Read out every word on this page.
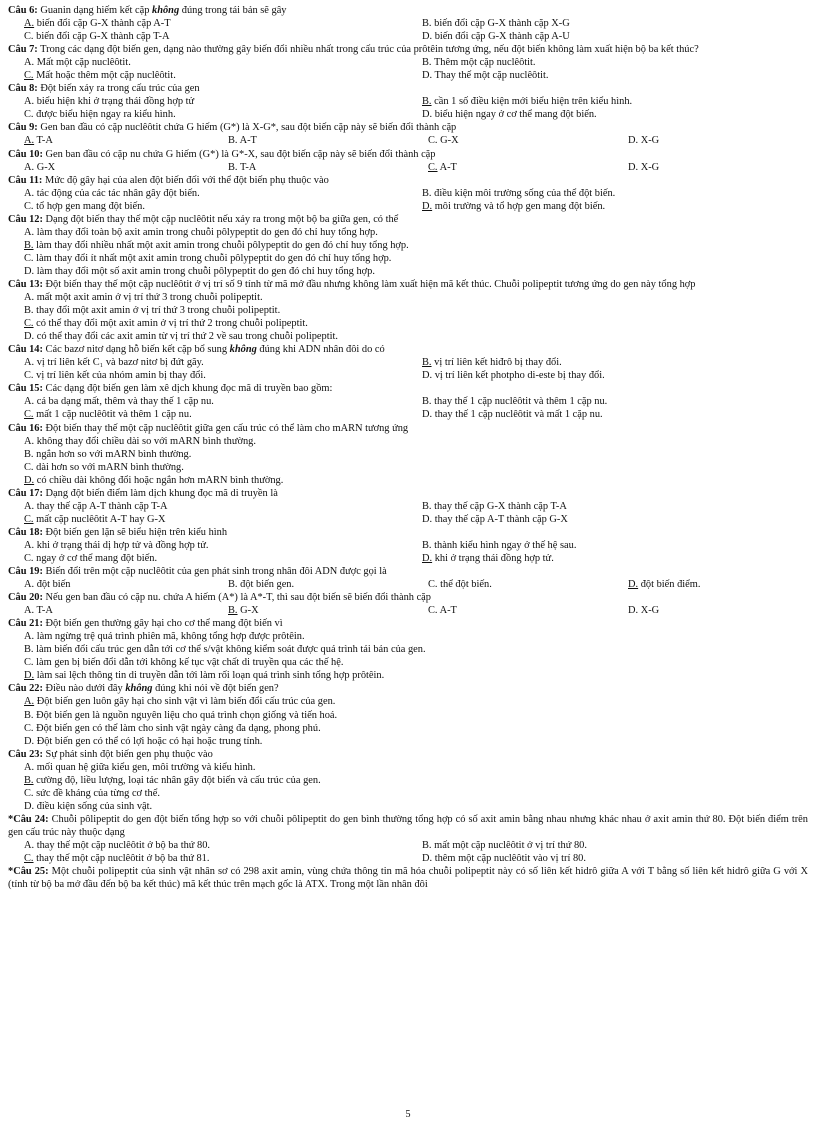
Câu 6: Guanin dạng hiếm kết cặp không đúng trong tái bản sẽ gây
A. biến đổi cặp G-X thành cặp A-T	B. biến đổi cặp G-X thành cặp X-G
C. biến đổi cặp G-X thành cặp T-A	D. biến đổi cặp G-X thành cặp A-U
Câu 7: Trong các dạng đột biến gen, dạng nào thường gây biến đổi nhiều nhất trong cấu trúc của prôtêin tương ứng, nếu đột biến không làm xuất hiện bộ ba kết thúc?
A. Mất một cặp nuclêôtit.	B. Thêm một cặp nuclêôtit.
C. Mất hoặc thêm một cặp nuclêôtit.	D. Thay thế một cặp nuclêôtit.
Câu 8: Đột biến xảy ra trong cấu trúc của gen
A. biểu hiện khi ở trạng thái đồng hợp tử	B. cần 1 số điều kiện mới biểu hiện trên kiểu hình.
C. được biểu hiện ngay ra kiểu hình.	D. biểu hiện ngay ở cơ thể mang đột biến.
Câu 9: Gen ban đầu có cặp nuclêôtit chứa G hiếm (G*) là X-G*, sau đột biến cặp này sẽ biến đổi thành cặp
A. T-A	B. A-T	C. G-X	D. X-G
Câu 10: Gen ban đầu có cặp nu chứa G hiếm (G*) là G*-X, sau đột biến cặp này sẽ biến đổi thành cặp
A. G-X	B. T-A	C. A-T	D. X-G
Câu 11: Mức độ gây hại của alen đột biến đối với thể đột biến phụ thuộc vào
A. tác động của các tác nhân gây đột biến.	B. điều kiện môi trường sống của thể đột biến.
C. tổ hợp gen mang đột biến.	D. môi trường và tổ hợp gen mang đột biến.
Câu 12: Dạng đột biến thay thế một cặp nuclêôtit nếu xảy ra trong một bộ ba giữa gen, có thể
A. làm thay đổi toàn bộ axit amin trong chuỗi pôlypeptit do gen đó chỉ huy tổng hợp.
B. làm thay đổi nhiều nhất một axit amin trong chuỗi pôlypeptit do gen đó chỉ huy tổng hợp.
C. làm thay đổi ít nhất một axit amin trong chuỗi pôlypeptit do gen đó chỉ huy tổng hợp.
D. làm thay đổi một số axit amin trong chuỗi pôlypeptit do gen đó chỉ huy tổng hợp.
Câu 13: Đột biến thay thế một cặp nuclêôtit ở vị trí số 9 tính từ mã mở đầu nhưng không làm xuất hiện mã kết thúc. Chuỗi polipeptit tương ứng do gen này tổng hợp
A. mất một axit amin ở vị trí thứ 3 trong chuỗi polipeptit.
B. thay đổi một axit amin ở vị trí thứ 3 trong chuỗi polipeptit.
C. có thể thay đổi một axit amin ở vị trí thứ 2 trong chuỗi polipeptit.
D. có thể thay đổi các axit amin từ vị trí thứ 2 về sau trong chuỗi polipeptit.
Câu 14: Các bazơ nitơ dạng hỗ biến kết cặp bổ sung không đúng khi ADN nhân đôi do có
A. vị trí liên kết C₁ và bazơ nitơ bị đứt gãy.	B. vị trí liên kết hiđrô bị thay đổi.
C. vị trí liên kết của nhóm amin bị thay đổi.	D. vị trí liên kết photpho di-este bị thay đổi.
Câu 15: Các dạng đột biến gen làm xê dịch khung đọc mã di truyền bao gồm:
A. cả ba dạng mất, thêm và thay thế 1 cặp nu.	B. thay thế 1 cặp nuclêôtit và thêm 1 cặp nu.
C. mất 1 cặp nuclêôtit và thêm 1 cặp nu.	D. thay thế 1 cặp nuclêôtit và mất 1 cặp nu.
Câu 16: Đột biến thay thế một cặp nuclêôtit giữa gen cấu trúc có thể làm cho mARN tương ứng
A. không thay đổi chiều dài so với mARN bình thường.
B. ngắn hơn so với mARN bình thường.
C. dài hơn so với mARN bình thường.
D. có chiều dài không đổi hoặc ngắn hơn mARN bình thường.
Câu 17: Dạng đột biến điểm làm dịch khung đọc mã di truyền là
A. thay thế cặp A-T thành cặp T-A	B. thay thế cặp G-X thành cặp T-A
C. mất cặp nuclêôtit A-T hay G-X	D. thay thế cặp A-T thành cặp G-X
Câu 18: Đột biến gen lặn sẽ biểu hiện trên kiểu hình
A. khi ở trạng thái dị hợp tử và đồng hợp tử.	B. thành kiểu hình ngay ở thế hệ sau.
C. ngay ở cơ thể mang đột biến.	D. khi ở trạng thái đồng hợp tử.
Câu 19: Biến đổi trên một cặp nuclêôtit của gen phát sinh trong nhân đôi ADN được gọi là
A. đột biến	B. đột biến gen.	C. thể đột biến.	D. đột biến điểm.
Câu 20: Nếu gen ban đầu có cặp nu. chứa A hiếm (A*) là A*-T, thì sau đột biến sẽ biến đổi thành cặp
A. T-A	B. G-X	C. A-T	D. X-G
Câu 21: Đột biến gen thường gây hại cho cơ thể mang đột biến vì
A. làm ngừng trệ quá trình phiên mã, không tổng hợp được prôtêin.
B. làm biến đổi cấu trúc gen dẫn tới cơ thể s/vật không kiểm soát được quá trình tái bản của gen.
C. làm gen bị biến đổi dẫn tới không kế tục vật chất di truyền qua các thế hệ.
D. làm sai lệch thông tin di truyền dẫn tới làm rối loạn quá trình sinh tổng hợp prôtêin.
Câu 22: Điều nào dưới đây không đúng khi nói về đột biến gen?
A. Đột biến gen luôn gây hại cho sinh vật vì làm biến đổi cấu trúc của gen.
B. Đột biến gen là nguồn nguyên liệu cho quá trình chọn giống và tiến hoá.
C. Đột biến gen có thể làm cho sinh vật ngày càng đa dạng, phong phú.
D. Đột biến gen có thể có lợi hoặc có hại hoặc trung tính.
Câu 23: Sự phát sinh đột biến gen phụ thuộc vào
A. mối quan hệ giữa kiểu gen, môi trường và kiểu hình.
B. cường độ, liều lượng, loại tác nhân gây đột biến và cấu trúc của gen.
C. sức đề kháng của từng cơ thể.
D. điều kiện sống của sinh vật.
*Câu 24: Chuỗi pôlipeptit do gen đột biến tổng hợp so với chuỗi pôlipeptit do gen bình thường tổng hợp có số axit amin bằng nhau nhưng khác nhau ở axit amin thứ 80. Đột biến điểm trên gen cấu trúc này thuộc dạng
A. thay thế một cặp nuclêôtit ở bộ ba thứ 80.	B. mất một cặp nuclêôtit ở vị trí thứ 80.
C. thay thế một cặp nuclêôtit ở bộ ba thứ 81.	D. thêm một cặp nuclêôtit vào vị trí 80.
*Câu 25: Một chuỗi polipeptit của sinh vật nhân sơ có 298 axit amin, vùng chứa thông tin mã hóa chuỗi polipeptit này có số liên kết hidrô giữa A với T bằng số liên kết hidrô giữa G với X (tính từ bộ ba mở đầu đến bộ ba kết thúc) mã kết thúc trên mạch gốc là ATX. Trong một lần nhân đôi
5
